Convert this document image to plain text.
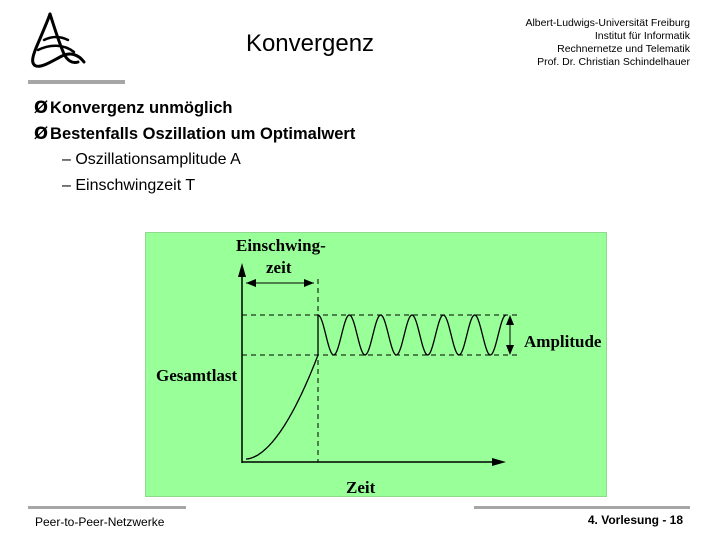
Konvergenz
Albert-Ludwigs-Universität Freiburg
Institut für Informatik
Rechnernetze und Telematik
Prof. Dr. Christian Schindelhauer
Ø Konvergenz unmöglich
Ø Bestenfalls Oszillation um Optimalwert
– Oszillationsamplitude A
– Einschwingzeit T
Einschwing-
zeit
Amplitude
Gesamtlast
Zeit
Peer-to-Peer-Netzwerke	4. Vorlesung - 18
